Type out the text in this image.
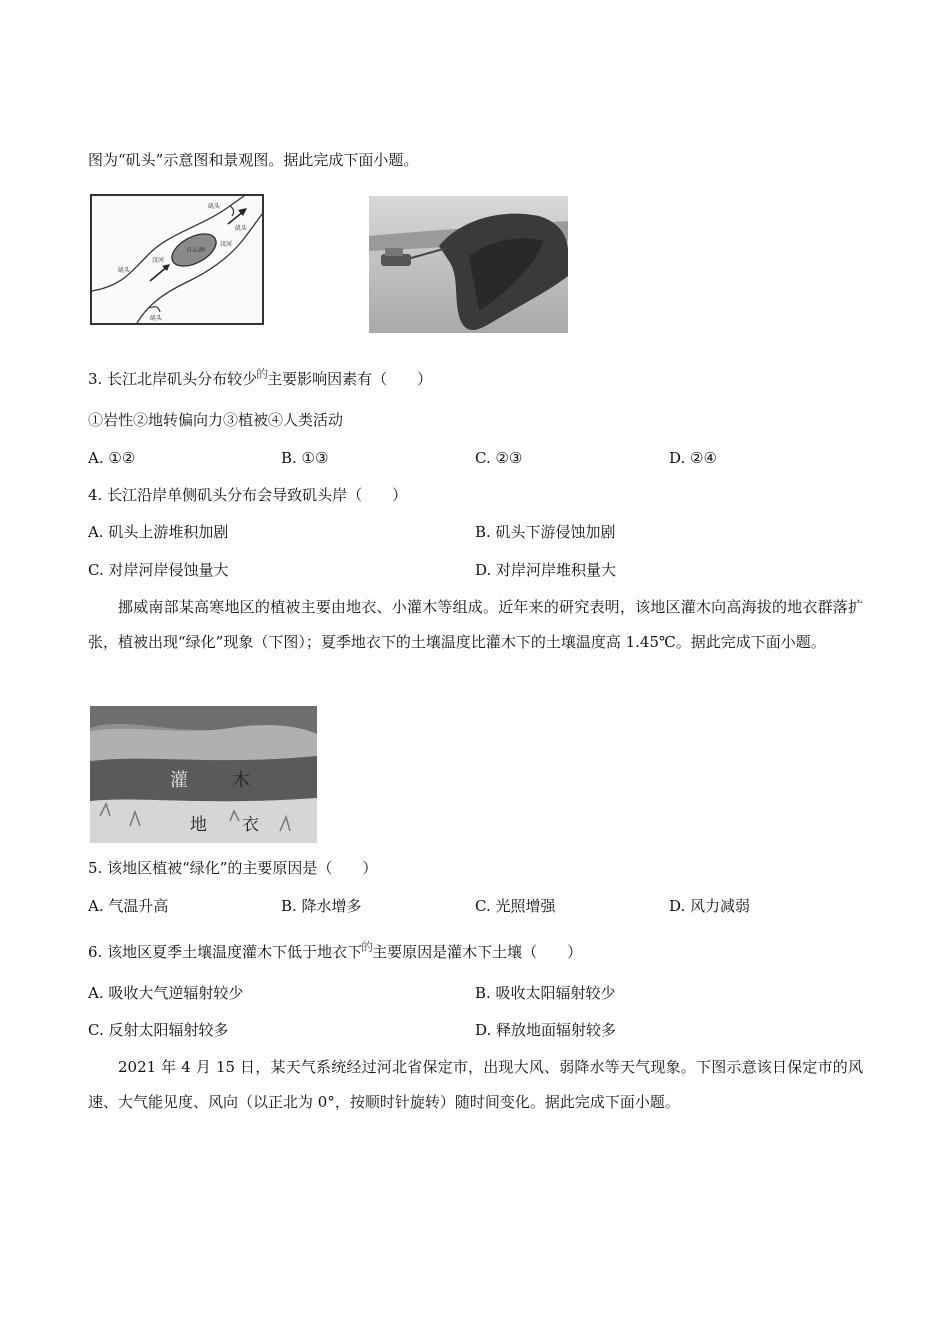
图为“矶头”示意图和景观图。据此完成下面小题。
矶头
矶头
矶头
矶头
江心洲
汊河
汊河
3. 长江北岸矶头分布较少$^的$主要影响因素有（　　）
①岩性②地转偏向力③植被④人类活动
A. ①②	B. ①③	C. ②③	D. ②④
4. 长江沿岸单侧矶头分布会导致矶头岸（　　）
A. 矶头上游堆积加剧	B. 矶头下游侵蚀加剧
C. 对岸河岸侵蚀量大	D. 对岸河岸堆积量大
挪威南部某高寒地区的植被主要由地衣、小灌木等组成。近年来的研究表明，该地区灌木向高海拔的地衣群落扩张，植被出现“绿化”现象（下图）；夏季地衣下的土壤温度比灌木下的土壤温度高 1.45℃。据此完成下面小题。
灌 木
地 衣
5. 该地区植被“绿化”的主要原因是（　　）
A. 气温升高	B. 降水增多	C. 光照增强	D. 风力减弱
6. 该地区夏季土壤温度灌木下低于地衣下$^的$主要原因是灌木下土壤（　　）
A. 吸收大气逆辐射较少	B. 吸收太阳辐射较少
C. 反射太阳辐射较多	D. 释放地面辐射较多
2021 年 4 月 15 日，某天气系统经过河北省保定市，出现大风、弱降水等天气现象。下图示意该日保定市的风速、大气能见度、风向（以正北为 0°，按顺时针旋转）随时间变化。据此完成下面小题。
